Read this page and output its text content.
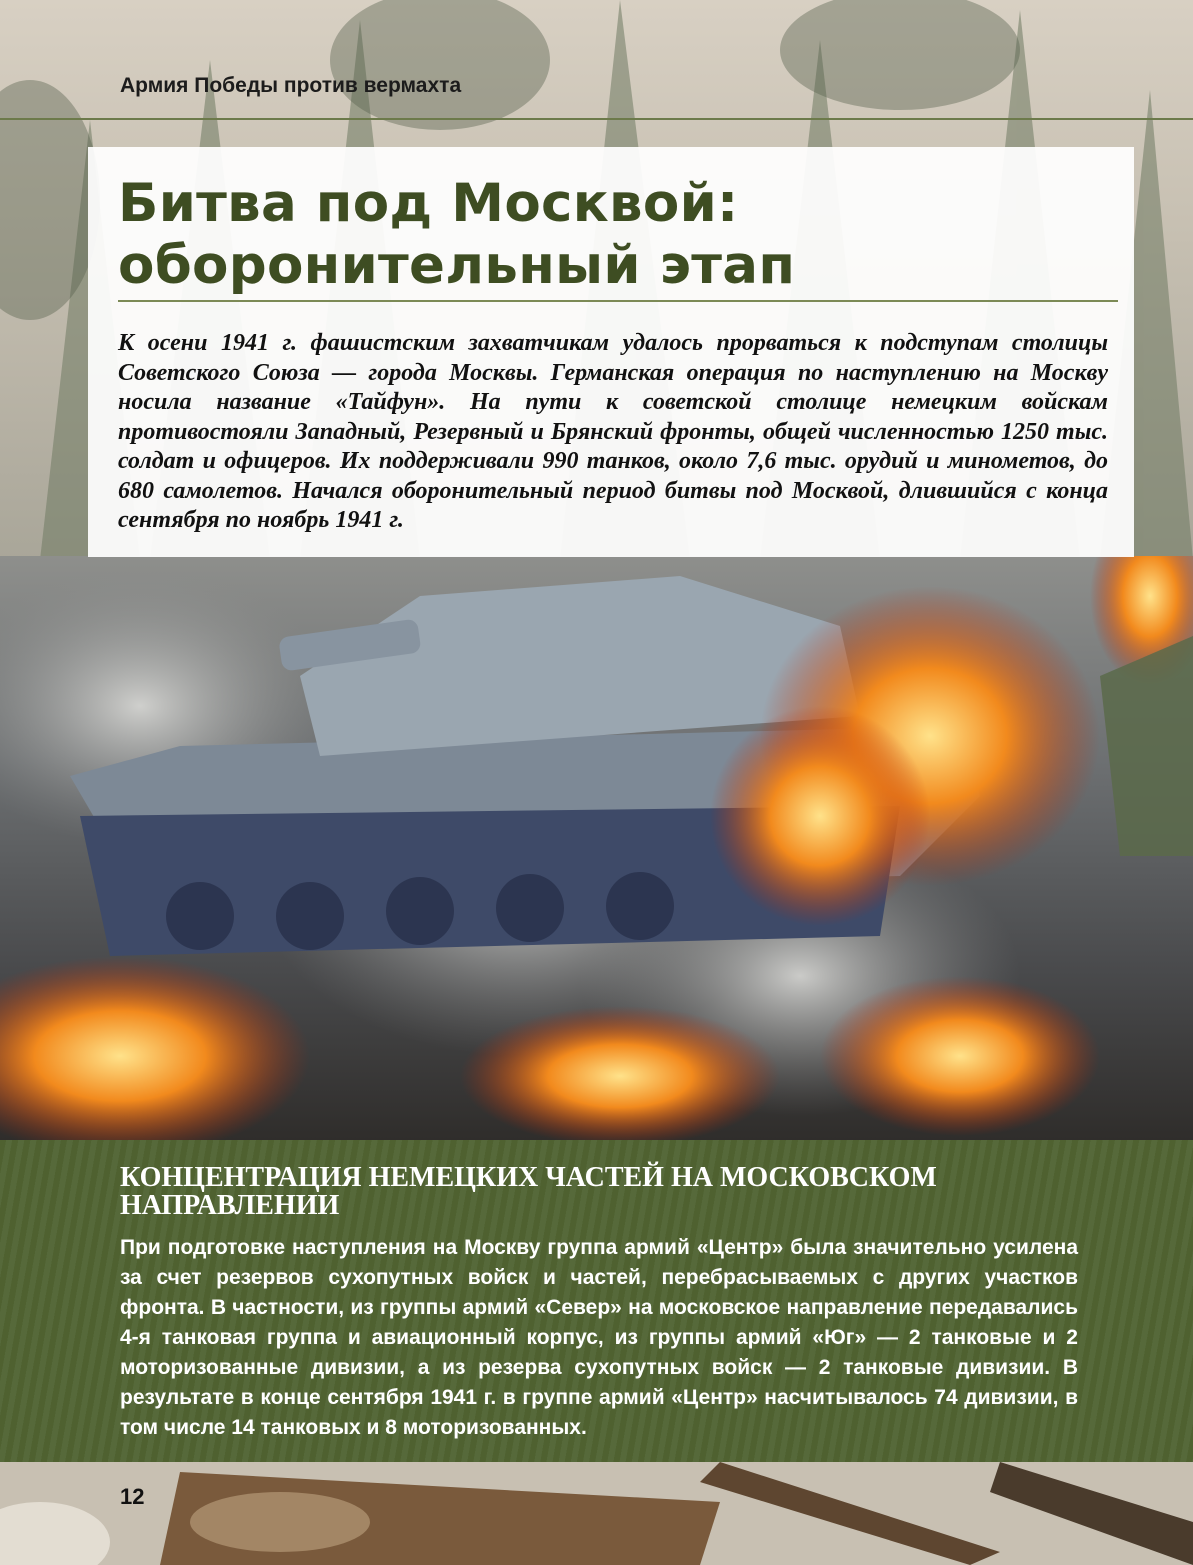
Армия Победы против вермахта
Битва под Москвой:
оборонительный этап

К осени 1941 г. фашистским захватчикам удалось прорваться к подступам столицы Советского Союза — города Москвы. Германская операция по наступлению на Москву носила название «Тайфун». На пути к советской столице немецким войскам противостояли Западный, Резервный и Брянский фронты, общей численностью 1250 тыс. солдат и офицеров. Их поддерживали 990 танков, около 7,6 тыс. орудий и минометов, до 680 самолетов. Начался оборонительный период битвы под Москвой, длившийся с конца сентября по ноябрь 1941 г.

КОНЦЕНТРАЦИЯ НЕМЕЦКИХ ЧАСТЕЙ НА МОСКОВСКОМ
НАПРАВЛЕНИИ

При подготовке наступления на Москву группа армий «Центр» была значительно усилена за счет резервов сухопутных войск и частей, перебрасываемых с других участков фронта. В частности, из группы армий «Север» на московское направление передавались 4-я танковая группа и авиационный корпус, из группы армий «Юг» — 2 танковые и 2 моторизованные дивизии, а из резерва сухопутных войск — 2 танковые дивизии. В результате в конце сентября 1941 г. в группе армий «Центр» насчитывалось 74 дивизии, в том числе 14 танковых и 8 моторизованных.

12
